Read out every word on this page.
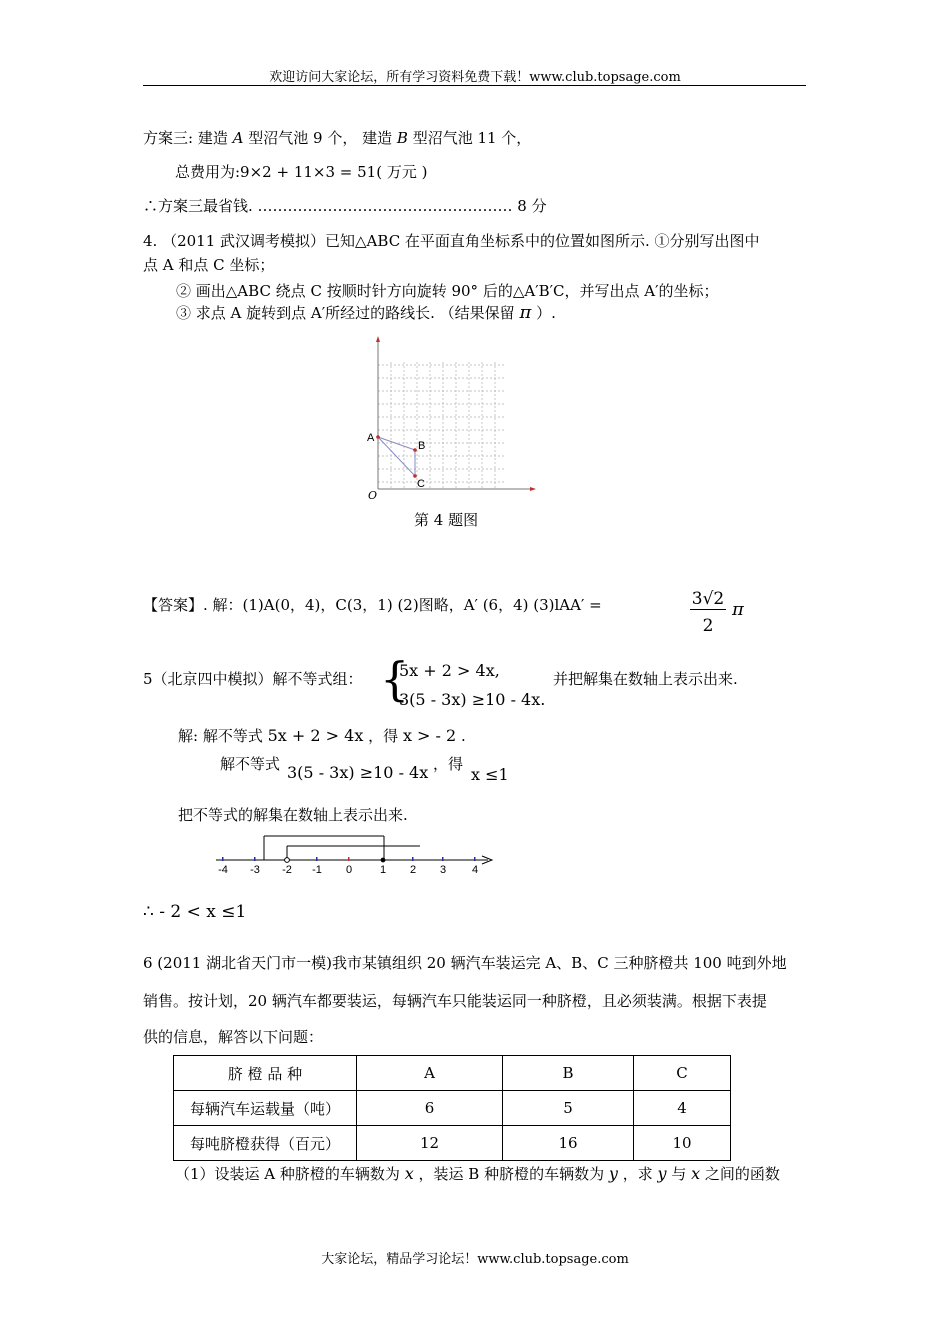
欢迎访问大家论坛，所有学习资料免费下载！www.club.topsage.com
方案三: 建造 A 型沼气池 9 个， 建造 B 型沼气池 11 个，
总费用为:9×2 + 11×3 = 51( 万元 )
∴方案三最省钱. …………………………………………… 8 分
4. （2011 武汉调考模拟）已知△ABC 在平面直角坐标系中的位置如图所示. ①分别写出图中
点 A 和点 C 坐标；
② 画出△ABC 绕点 C 按顺时针方向旋转 90° 后的△A′B′C，并写出点 A′的坐标；
③ 求点 A 旋转到点 A′所经过的路线长. （结果保留 π ）.
A
B
C
O
第 4 题图
【答案】. 解：(1)A(0，4)，C(3，1) (2)图略，A′ (6，4) (3)lAA′ =	3√2
2
π
5（北京四中模拟）解不等式组： {
5x + 2 > 4x,
3(5 - 3x) ≥10 - 4x.
并把解集在数轴上表示出来.
解: 解不等式 5x + 2 > 4x ，得 x > - 2 .
解不等式 3(5 - 3x) ≥10 - 4x ，得
x ≤1
把不等式的解集在数轴上表示出来.
-4 -3 -2 -1 0	1 2 3 4
∴ - 2 < x ≤1
6 (2011 湖北省天门市一模)我市某镇组织 20 辆汽车装运完 A、B、C 三种脐橙共 100 吨到外地
销售。按计划，20 辆汽车都要装运，每辆汽车只能装运同一种脐橙，且必须装满。根据下表提
供的信息，解答以下问题：
脐 橙 品 种	A	B	C
每辆汽车运载量（吨）	6	5	4
每吨脐橙获得（百元）	12	16	10
（1）设装运 A 种脐橙的车辆数为 x ，装运 B 种脐橙的车辆数为 y ，求 y 与 x 之间的函数
大家论坛，精品学习论坛！www.club.topsage.com
